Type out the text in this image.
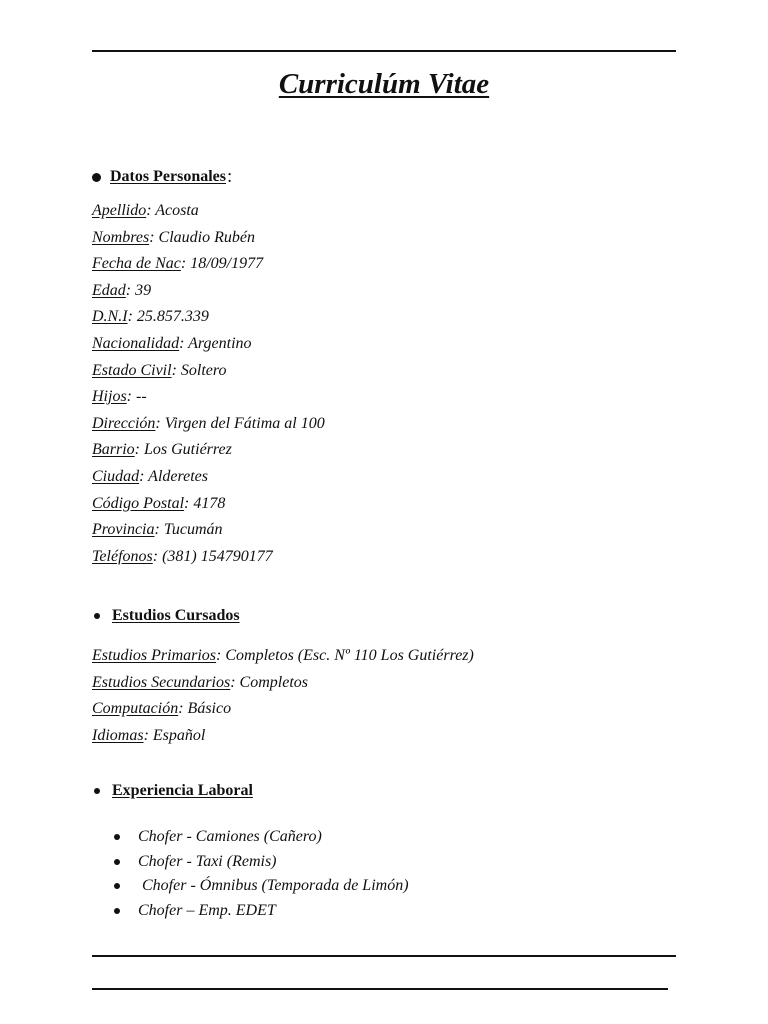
Curriculúm Vitae
Datos Personales :
Apellido: Acosta
Nombres: Claudio Rubén
Fecha de Nac: 18/09/1977
Edad: 39
D.N.I: 25.857.339
Nacionalidad: Argentino
Estado Civil: Soltero
Hijos: --
Dirección: Virgen del Fátima al 100
Barrio: Los Gutiérrez
Ciudad: Alderetes
Código Postal: 4178
Provincia: Tucumán
Teléfonos: (381) 154790177
Estudios Cursados
Estudios Primarios: Completos (Esc. Nº 110 Los Gutiérrez)
Estudios Secundarios: Completos
Computación: Básico
Idiomas: Español
Experiencia Laboral
Chofer - Camiones (Cañero)
Chofer - Taxi (Remis)
Chofer - Ómnibus (Temporada de Limón)
Chofer – Emp. EDET
